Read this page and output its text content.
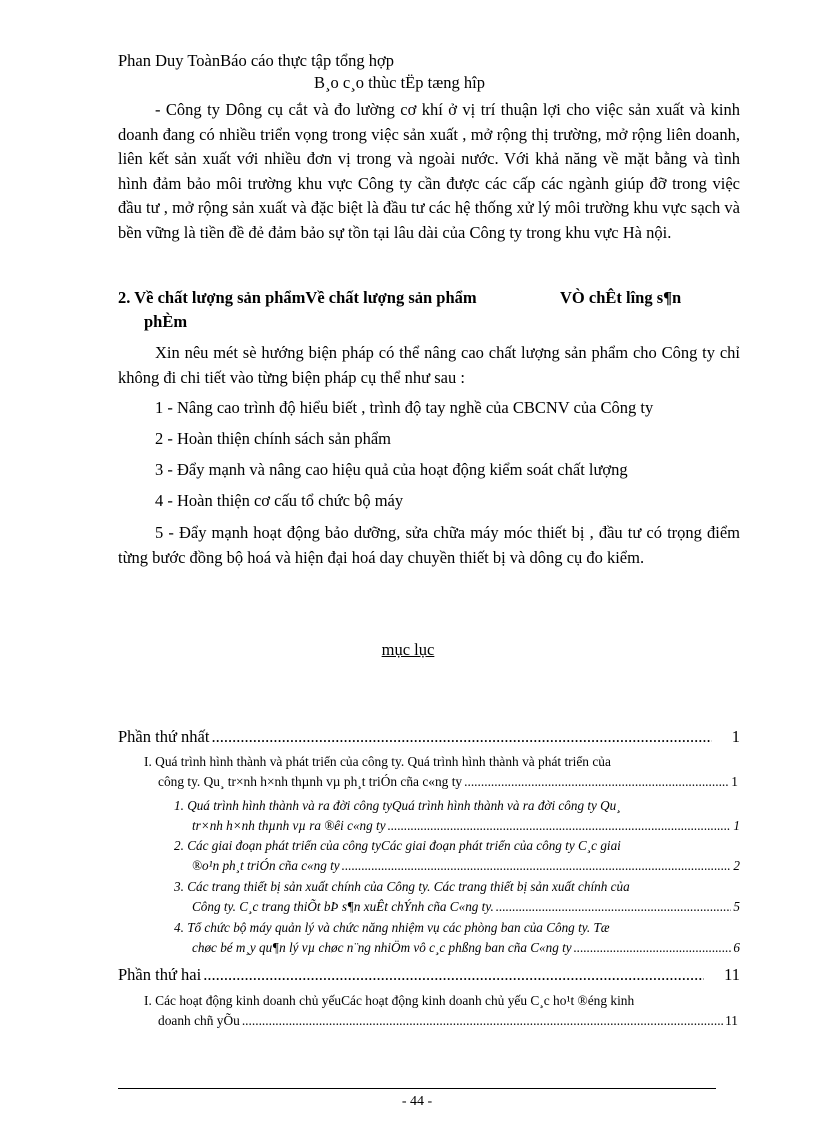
Phan Duy ToànBáo cáo thực tập tổng hợp
B¸o c¸o thùc tËp tæng hîp

- Công ty Dông cụ cắt và đo lường cơ khí ở vị trí thuận lợi cho việc sản xuất và kinh doanh đang có nhiều triển vọng trong việc sản xuất , mở rộng thị trường, mở rộng liên doanh, liên kết sản xuất với nhiều đơn vị trong và ngoài nước. Với khả năng về mặt bằng và tình hình đảm bảo môi trường khu vực Công ty cần được các cấp các ngành giúp đỡ trong việc đầu tư , mở rộng sản xuất và đặc biệt là đầu tư các hệ thống xử lý môi trường khu vực sạch và bền vững là tiền đề đẻ đảm bảo sự tồn tại lâu dài của Công ty trong khu vực Hà nội.

2. Về chất lượng sản phẩmVề chất lượng sản phẩm	VÒ chÊt lîng s¶n
phÈm

Xin nêu mét sè hướng biện pháp có thể nâng cao chất lượng sản phẩm cho Công ty chỉ không đi chi tiết vào từng biện pháp cụ thể như sau :

1 - Nâng cao trình độ hiểu biết , trình độ tay nghề của CBCNV của Công ty
2 - Hoàn thiện chính sách sản phẩm
3 - Đẩy mạnh và nâng cao hiệu quả của hoạt động kiểm soát chất lượng
4 - Hoàn thiện cơ cấu tổ chức bộ máy

5 - Đẩy mạnh hoạt động bảo dưỡng, sửa chữa máy móc thiết bị , đầu tư có trọng điểm từng bước đồng bộ hoá và hiện đại hoá day chuyền thiết bị và dông cụ đo kiểm.

mục lục
Phần thứ nhất .....	1
I. Quá trình hình thành và phát triển của công ty. Quá trình hình thành và phát triển của
công ty. Qu¸ tr×nh h×nh thµnh vµ ph¸t triÓn cña c«ng ty .....	1
1. Quá trình hình thành và ra đời công tyQuá trình hình thành và ra đời công ty Qu¸
tr×nh h×nh thµnh vµ ra ®êi c«ng ty .....	1
2. Các giai đoạn phát triển của công tyCác giai đoạn phát triển của công ty C¸c giai
®o¹n ph¸t triÓn cña c«ng ty .....	2
3. Các trang thiết bị sản xuất chính của Công ty. Các trang thiết bị sản xuất chính của
Công ty. C¸c trang thiÕt bÞ s¶n xuÊt chÝnh cña C«ng ty. .....	5
4. Tổ chức bộ máy quản lý và chức năng nhiệm vụ các phòng ban của Công ty. Tæ
chøc bé m¸y qu¶n lý vµ chøc n¨ng nhiÖm vô c¸c phßng ban cña C«ng ty .....	6
Phần thứ hai .....	11
I. Các hoạt động kinh doanh chủ yếuCác hoạt động kinh doanh chủ yếu C¸c ho¹t ®éng kinh
doanh chñ yÕu .....	11
- 44 -
